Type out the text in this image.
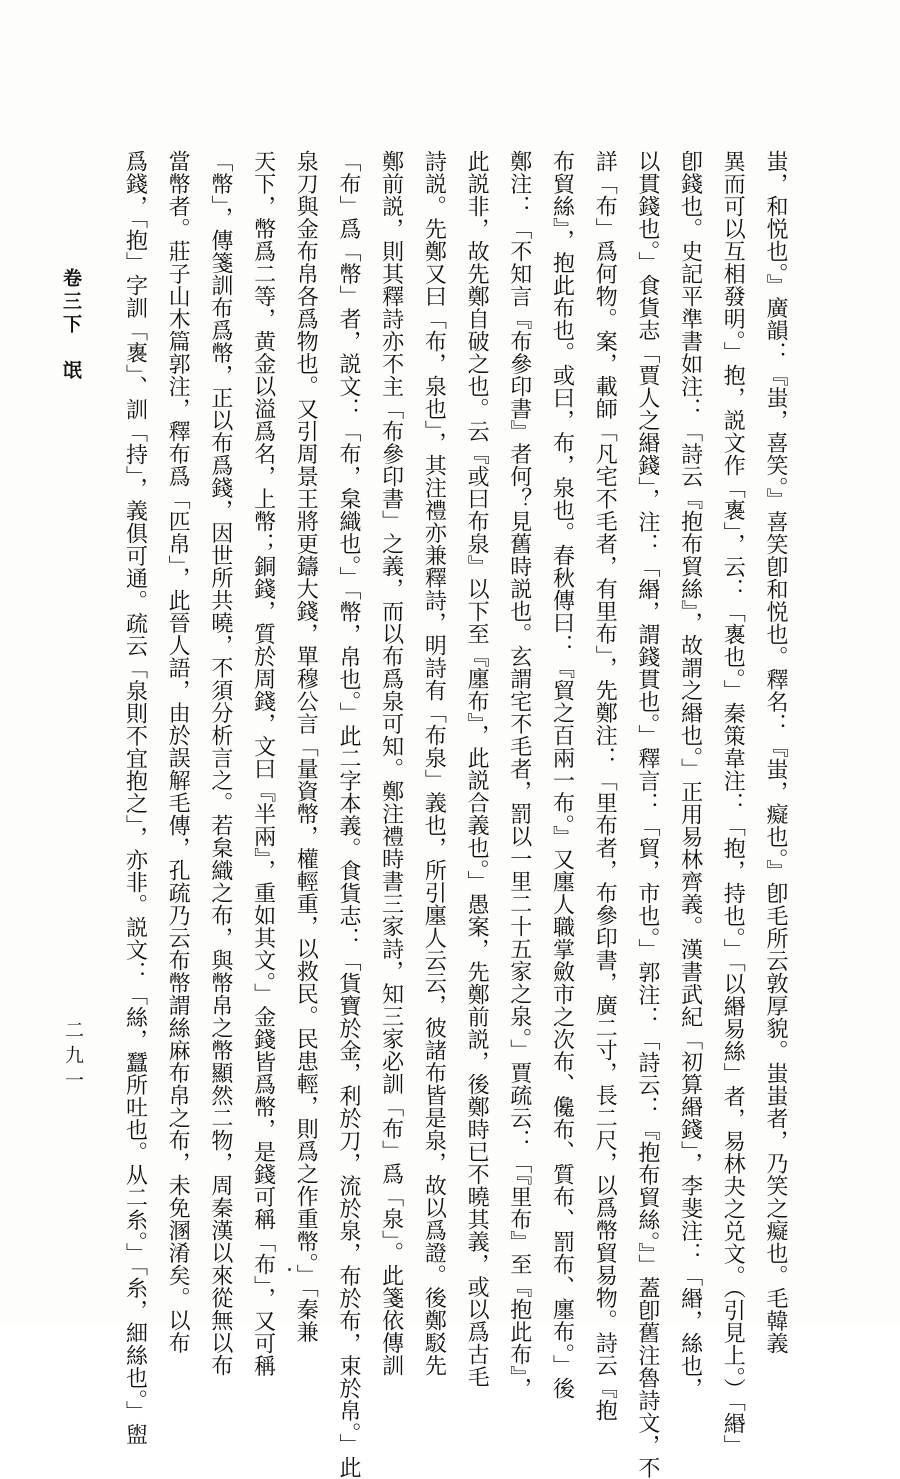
蚩，和悦也。』廣韻：『蚩，喜笑。』喜笑卽和悦也。釋名：『蚩，癡也。』卽毛所云敦厚貌。蚩蚩者，乃笑之癡也。毛韓義

異而可以互相發明。」抱，説文作「褢」，云：「褢也。」秦策韋注：「抱，持也。」「以緡易絲」者，易林夬之兑文。（引見上。）「緡」

卽錢也。史記平準書如注：「詩云『抱布貿絲』，故謂之緡也。」正用易林齊義。漢書武紀「初算緡錢」，李斐注：「緡，絲也，

以貫錢也。」食貨志「賈人之緡錢」，注：「緡，謂錢貫也。」釋言：「貿，市也。」郭注：「詩云：『抱布貿絲。』」蓋卽舊注魯詩文，不

詳「布」爲何物。案，載師「凡宅不毛者，有里布」，先鄭注：「里布者，布參印書，廣二寸，長二尺，以爲幣貿易物。詩云『抱

布貿絲』，抱此布也。或曰，布，泉也。春秋傳曰：『貿之百兩一布。』又廛人職掌斂市之次布、儳布、質布、罰布、廛布。」後

鄭注：「不知言『布參印書』者何？見舊時説也。玄謂宅不毛者，罰以一里二十五家之泉。」賈疏云：「『里布』至『抱此布』，

此説非，故先鄭自破之也。云『或曰布泉』以下至『廛布』，此説合義也。」愚案，先鄭前説，後鄭時已不曉其義，或以爲古毛

詩説。先鄭又曰「布，泉也」，其注禮亦兼釋詩，明詩有「布泉」義也，所引廛人云云，彼諸布皆是泉，故以爲證。後鄭駁先

鄭前説，則其釋詩亦不主「布參印書」之義，而以布爲泉可知。鄭注禮時書三家詩，知三家必訓「布」爲「泉」。此箋依傳訓

「布」爲「幣」者，説文：「布，枲織也。」「幣，帛也。」此二字本義。食貨志：「貨寶於金，利於刀，流於泉，布於布，束於帛。」此

泉刀與金布帛各爲物也。又引周景王將更鑄大錢，單穆公言「量資幣，權輕重，以救民。民患輕，則爲之作重幣。」「秦兼

天下，幣爲二等，黄金以溢爲名，上幣；銅錢，質於周錢，文曰『半兩』，重如其文。」金錢皆爲幣，是錢可稱「布」，又可稱

「幣」，傳箋訓布爲幣，正以布爲錢，因世所共曉，不須分析言之。若枲織之布，與幣帛之幣顯然二物，周秦漢以來從無以布

當幣者。莊子山木篇郭注，釋布爲「匹帛」，此晉人語，由於誤解毛傳，孔疏乃云布幣謂絲麻布帛之布，未免溷淆矣。以布

爲錢，「抱」字訓「褢」、訓「持」，義俱可通。疏云「泉則不宜抱之」，亦非。説文：「絲，蠶所吐也。从二糸。」「糸，細絲也。」盥

卷三下　氓
二九一
